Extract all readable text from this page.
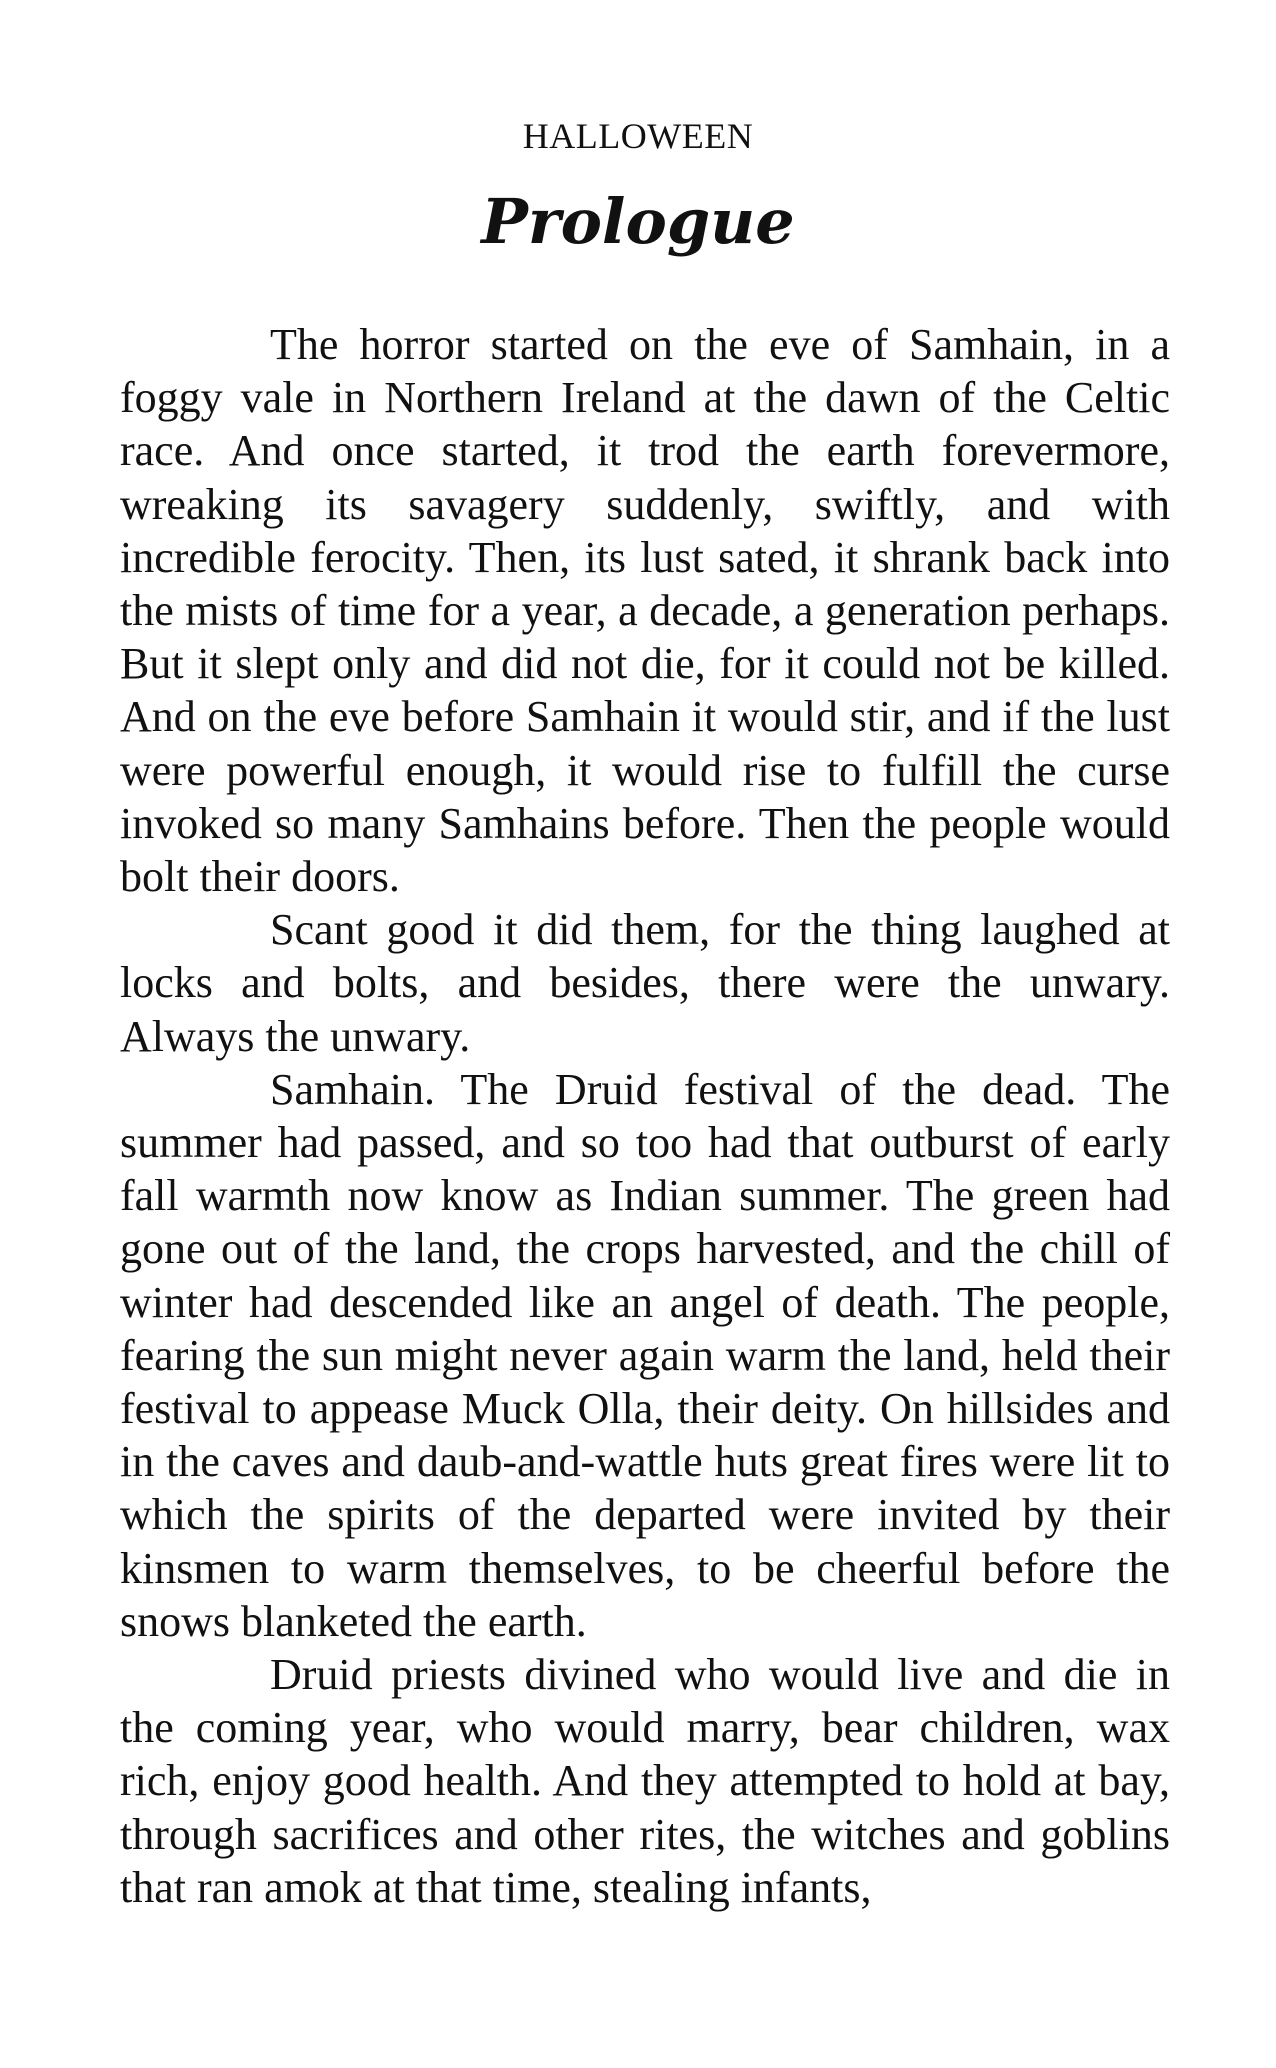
HALLOWEEN
Prologue

The horror started on the eve of Samhain, in a foggy vale in Northern Ireland at the dawn of the Celtic race. And once started, it trod the earth forevermore, wreaking its savagery suddenly, swiftly, and with incredible ferocity. Then, its lust sated, it shrank back into the mists of time for a year, a decade, a generation perhaps. But it slept only and did not die, for it could not be killed. And on the eve before Samhain it would stir, and if the lust were powerful enough, it would rise to fulfill the curse invoked so many Samhains before. Then the people would bolt their doors.

Scant good it did them, for the thing laughed at locks and bolts, and besides, there were the unwary. Always the unwary.

Samhain. The Druid festival of the dead. The summer had passed, and so too had that outburst of early fall warmth now know as Indian summer. The green had gone out of the land, the crops harvested, and the chill of winter had descended like an angel of death. The people, fearing the sun might never again warm the land, held their festival to appease Muck Olla, their deity. On hillsides and in the caves and daub-and-wattle huts great fires were lit to which the spirits of the departed were invited by their kinsmen to warm themselves, to be cheerful before the snows blanketed the earth.

Druid priests divined who would live and die in the coming year, who would marry, bear children, wax rich, enjoy good health. And they attempted to hold at bay, through sacrifices and other rites, the witches and goblins that ran amok at that time, stealing infants,
